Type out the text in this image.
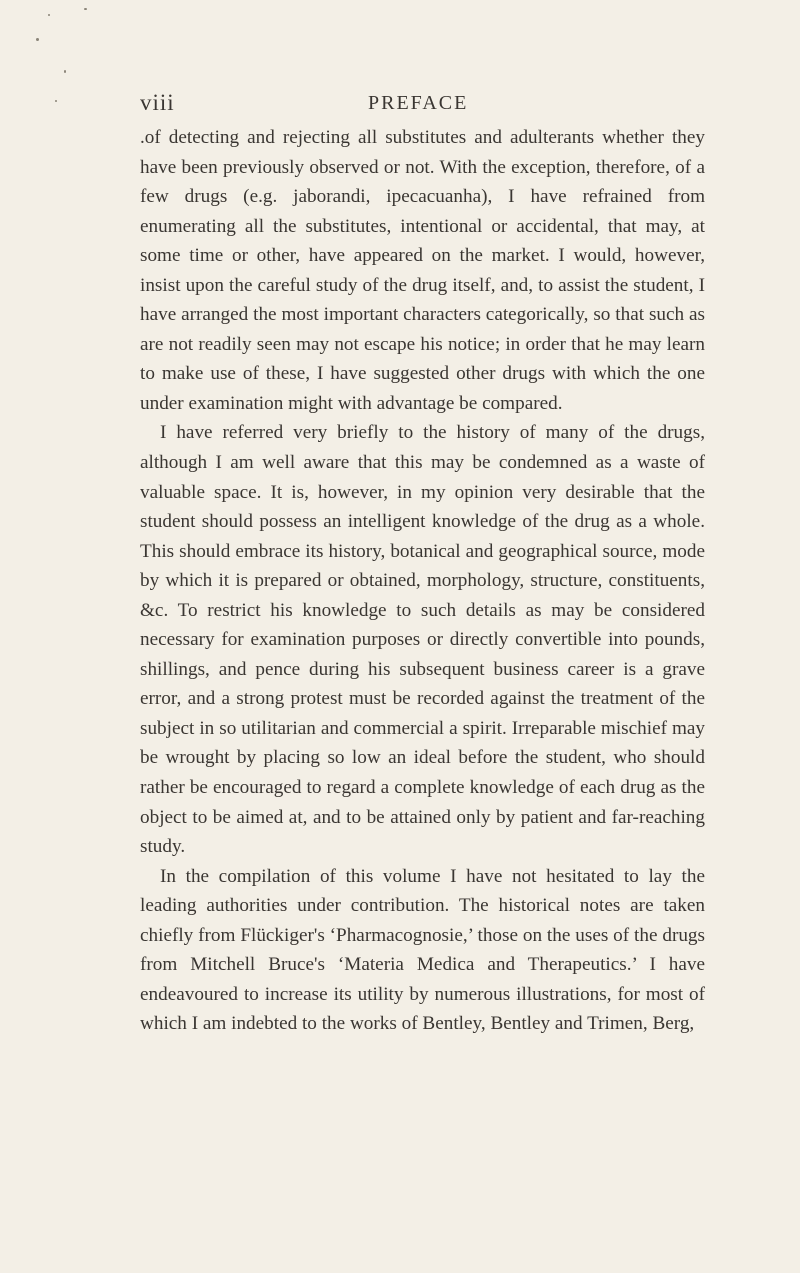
viii	PREFACE

.of detecting and rejecting all substitutes and adulterants whether they have been previously observed or not. With the exception, therefore, of a few drugs (e.g. jaborandi, ipecacuanha), I have refrained from enumerating all the substitutes, intentional or accidental, that may, at some time or other, have appeared on the market. I would, however, insist upon the careful study of the drug itself, and, to assist the student, I have arranged the most important characters categorically, so that such as are not readily seen may not escape his notice; in order that he may learn to make use of these, I have suggested other drugs with which the one under examination might with advantage be compared.

I have referred very briefly to the history of many of the drugs, although I am well aware that this may be condemned as a waste of valuable space. It is, however, in my opinion very desirable that the student should possess an intelligent knowledge of the drug as a whole. This should embrace its history, botanical and geographical source, mode by which it is prepared or obtained, morphology, structure, constituents, &c. To restrict his knowledge to such details as may be considered necessary for examination purposes or directly convertible into pounds, shillings, and pence during his subsequent business career is a grave error, and a strong protest must be recorded against the treatment of the subject in so utilitarian and commercial a spirit. Irreparable mischief may be wrought by placing so low an ideal before the student, who should rather be encouraged to regard a complete knowledge of each drug as the object to be aimed at, and to be attained only by patient and far-reaching study.

In the compilation of this volume I have not hesitated to lay the leading authorities under contribution. The historical notes are taken chiefly from Flückiger's ‘Pharmacognosie,’ those on the uses of the drugs from Mitchell Bruce's ‘Materia Medica and Therapeutics.’ I have endeavoured to increase its utility by numerous illustrations, for most of which I am indebted to the works of Bentley, Bentley and Trimen, Berg,
